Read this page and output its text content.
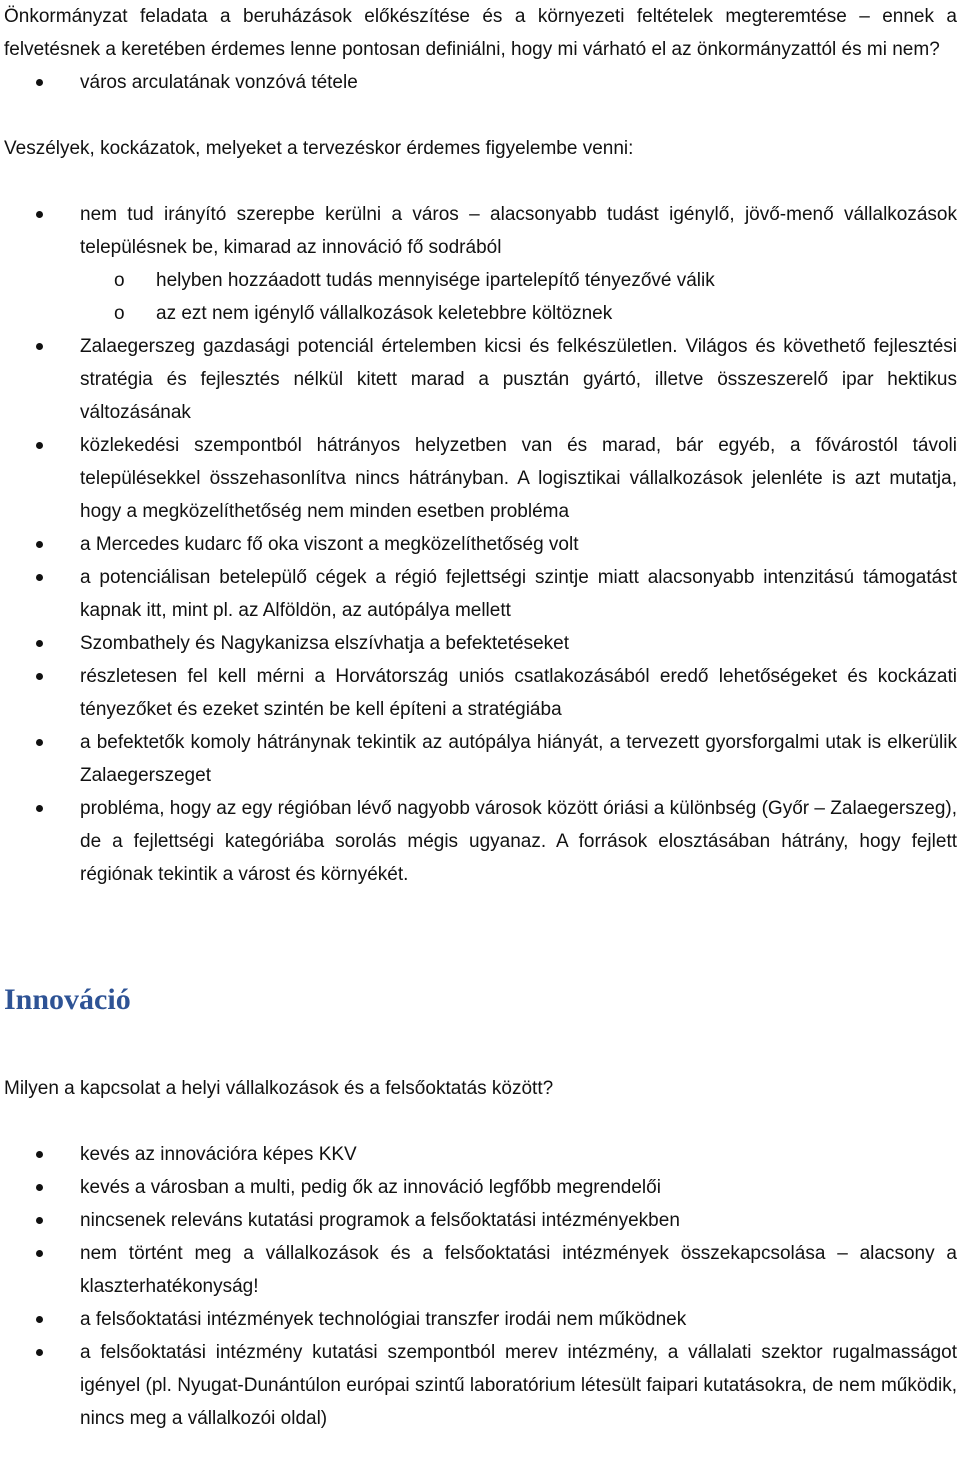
Önkormányzat feladata a beruházások előkészítése és a környezeti feltételek megteremtése – ennek a felvetésnek a keretében érdemes lenne pontosan definiálni, hogy mi várható el az önkormányzattól és mi nem?

város arculatának vonzóvá tétele

Veszélyek, kockázatok, melyeket a tervezéskor érdemes figyelembe venni:

nem tud irányító szerepbe kerülni a város – alacsonyabb tudást igénylő, jövő-menő vállalkozások településnek be, kimarad az innováció fő sodrából
o helyben hozzáadott tudás mennyisége ipartelepítő tényezővé válik
o az ezt nem igénylő vállalkozások keletebbre költöznek
Zalaegerszeg gazdasági potenciál értelemben kicsi és felkészületlen. Világos és követhető fejlesztési stratégia és fejlesztés nélkül kitett marad a pusztán gyártó, illetve összeszerelő ipar hektikus változásának
közlekedési szempontból hátrányos helyzetben van és marad, bár egyéb, a fővárostól távoli településekkel összehasonlítva nincs hátrányban. A logisztikai vállalkozások jelenléte is azt mutatja, hogy a megközelíthetőség nem minden esetben probléma
a Mercedes kudarc fő oka viszont a megközelíthetőség volt
a potenciálisan betelepülő cégek a régió fejlettségi szintje miatt alacsonyabb intenzitású támogatást kapnak itt, mint pl. az Alföldön, az autópálya mellett
Szombathely és Nagykanizsa elszívhatja a befektetéseket
részletesen fel kell mérni a Horvátország uniós csatlakozásából eredő lehetőségeket és kockázati tényezőket és ezeket szintén be kell építeni a stratégiába
a befektetők komoly hátránynak tekintik az autópálya hiányát, a tervezett gyorsforgalmi utak is elkerülik Zalaegerszeget
probléma, hogy az egy régióban lévő nagyobb városok között óriási a különbség (Győr – Zalaegerszeg), de a fejlettségi kategóriába sorolás mégis ugyanaz. A források elosztásában hátrány, hogy fejlett régiónak tekintik a várost és környékét.
Innováció

Milyen a kapcsolat a helyi vállalkozások és a felsőoktatás között?

kevés az innovációra képes KKV
kevés a városban a multi, pedig ők az innováció legfőbb megrendelői
nincsenek releváns kutatási programok a felsőoktatási intézményekben
nem történt meg a vállalkozások és a felsőoktatási intézmények összekapcsolása – alacsony a klaszterhatékonyság!
a felsőoktatási intézmények technológiai transzfer irodái nem működnek
a felsőoktatási intézmény kutatási szempontból merev intézmény, a vállalati szektor rugalmasságot igényel (pl. Nyugat-Dunántúlon európai szintű laboratórium létesült faipari kutatásokra, de nem működik, nincs meg a vállalkozói oldal)
